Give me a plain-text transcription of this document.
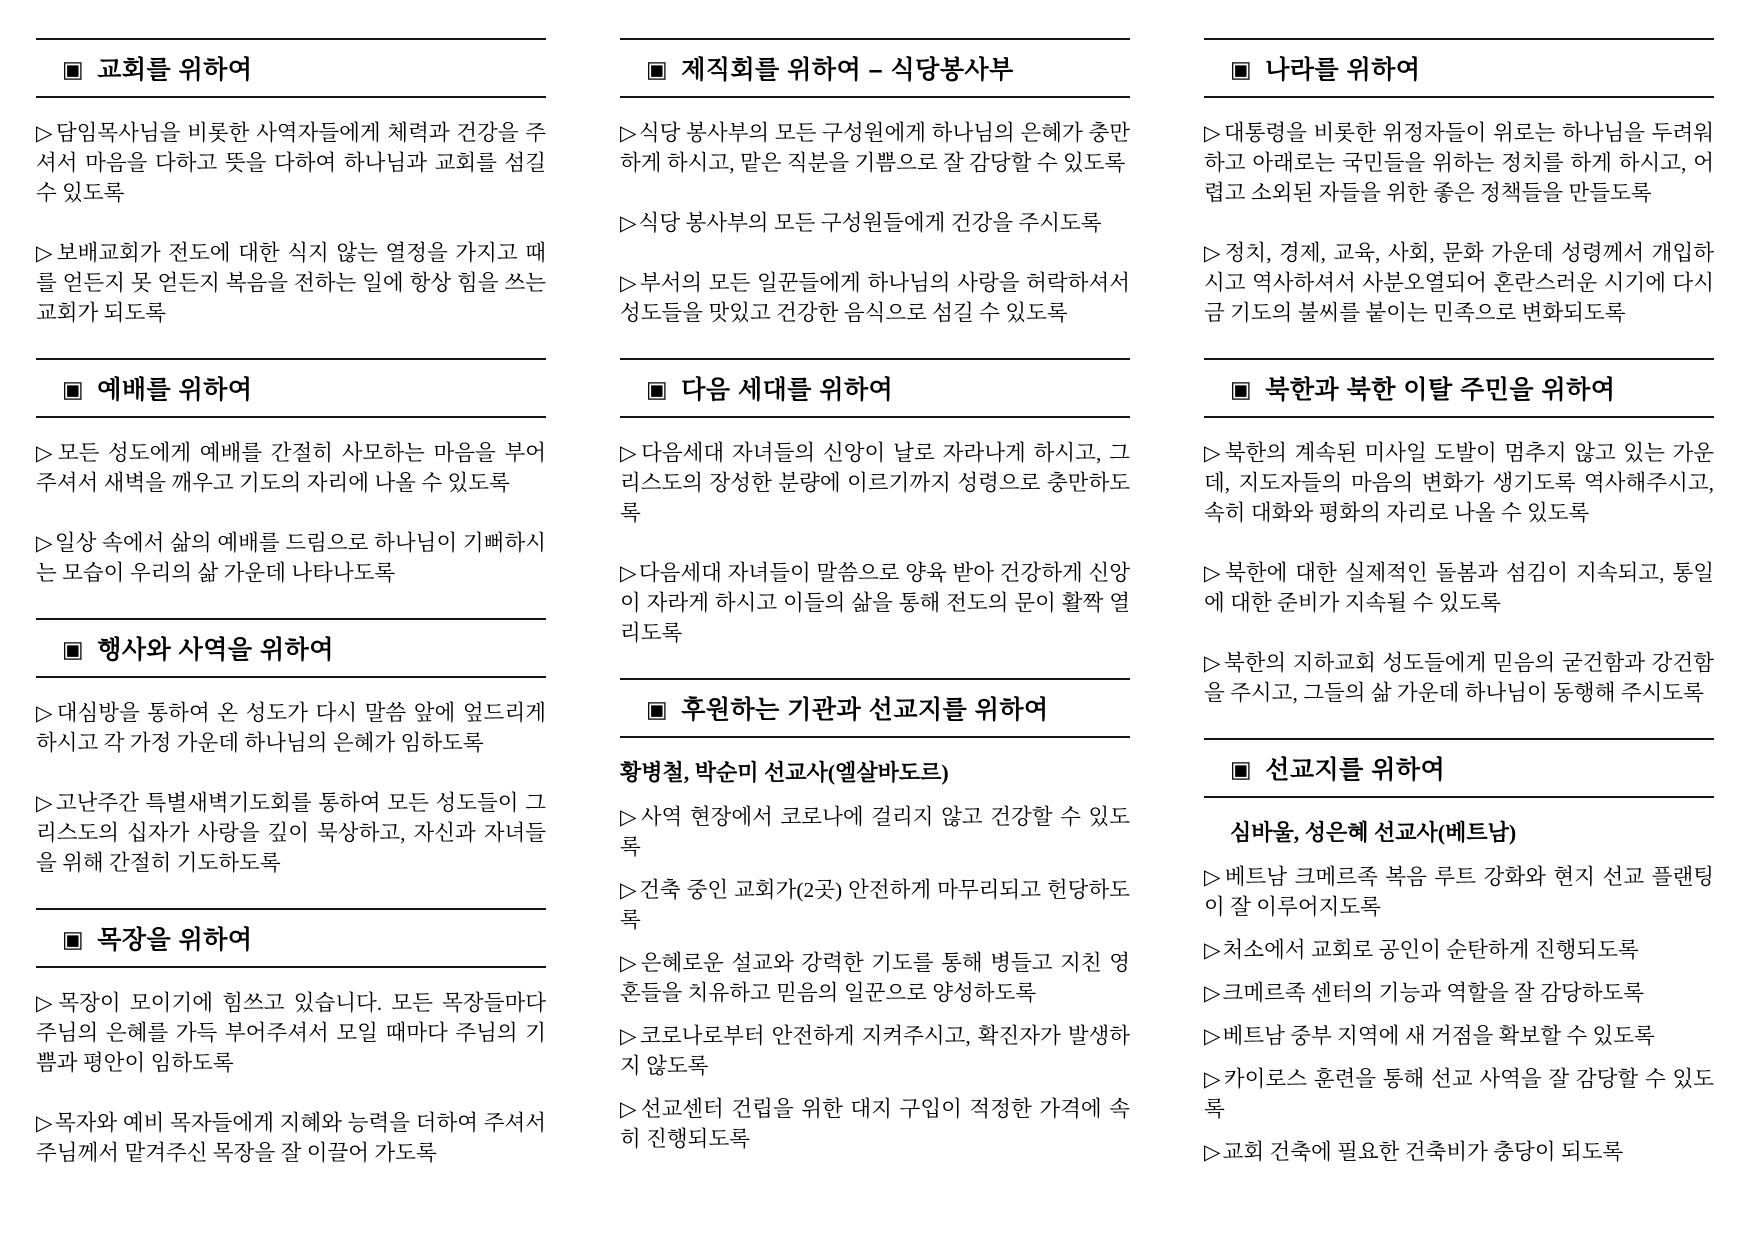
▣ 교회를 위하여

▷담임목사님을 비롯한 사역자들에게 체력과 건강을 주셔서 마음을 다하고 뜻을 다하여 하나님과 교회를 섬길 수 있도록

▷보배교회가 전도에 대한 식지 않는 열정을 가지고 때를 얻든지 못 얻든지 복음을 전하는 일에 항상 힘을 쓰는 교회가 되도록

▣ 예배를 위하여

▷모든 성도에게 예배를 간절히 사모하는 마음을 부어 주셔서 새벽을 깨우고 기도의 자리에 나올 수 있도록

▷일상 속에서 삶의 예배를 드림으로 하나님이 기뻐하시는 모습이 우리의 삶 가운데 나타나도록

▣ 행사와 사역을 위하여

▷대심방을 통하여 온 성도가 다시 말씀 앞에 엎드리게 하시고 각 가정 가운데 하나님의 은혜가 임하도록

▷고난주간 특별새벽기도회를 통하여 모든 성도들이 그리스도의 십자가 사랑을 깊이 묵상하고, 자신과 자녀들을 위해 간절히 기도하도록

▣ 목장을 위하여

▷목장이 모이기에 힘쓰고 있습니다. 모든 목장들마다 주님의 은혜를 가득 부어주셔서 모일 때마다 주님의 기쁨과 평안이 임하도록

▷목자와 예비 목자들에게 지혜와 능력을 더하여 주셔서 주님께서 맡겨주신 목장을 잘 이끌어 가도록

▣ 제직회를 위하여 – 식당봉사부

▷식당 봉사부의 모든 구성원에게 하나님의 은혜가 충만하게 하시고, 맡은 직분을 기쁨으로 잘 감당할 수 있도록

▷식당 봉사부의 모든 구성원들에게 건강을 주시도록

▷부서의 모든 일꾼들에게 하나님의 사랑을 허락하셔서 성도들을 맛있고 건강한 음식으로 섬길 수 있도록

▣ 다음 세대를 위하여

▷다음세대 자녀들의 신앙이 날로 자라나게 하시고, 그리스도의 장성한 분량에 이르기까지 성령으로 충만하도록

▷다음세대 자녀들이 말씀으로 양육 받아 건강하게 신앙이 자라게 하시고 이들의 삶을 통해 전도의 문이 활짝 열리도록

▣ 후원하는 기관과 선교지를 위하여

황병철, 박순미 선교사(엘살바도르)

▷사역 현장에서 코로나에 걸리지 않고 건강할 수 있도록

▷건축 중인 교회가(2곳) 안전하게 마무리되고 헌당하도록

▷은혜로운 설교와 강력한 기도를 통해 병들고 지친 영혼들을 치유하고 믿음의 일꾼으로 양성하도록

▷코로나로부터 안전하게 지켜주시고, 확진자가 발생하지 않도록

▷선교센터 건립을 위한 대지 구입이 적정한 가격에 속히 진행되도록

▣ 나라를 위하여

▷대통령을 비롯한 위정자들이 위로는 하나님을 두려워하고 아래로는 국민들을 위하는 정치를 하게 하시고, 어렵고 소외된 자들을 위한 좋은 정책들을 만들도록

▷정치, 경제, 교육, 사회, 문화 가운데 성령께서 개입하시고 역사하셔서 사분오열되어 혼란스러운 시기에 다시금 기도의 불씨를 붙이는 민족으로 변화되도록

▣ 북한과 북한 이탈 주민을 위하여

▷북한의 계속된 미사일 도발이 멈추지 않고 있는 가운데, 지도자들의 마음의 변화가 생기도록 역사해주시고, 속히 대화와 평화의 자리로 나올 수 있도록

▷북한에 대한 실제적인 돌봄과 섬김이 지속되고, 통일에 대한 준비가 지속될 수 있도록

▷북한의 지하교회 성도들에게 믿음의 굳건함과 강건함을 주시고, 그들의 삶 가운데 하나님이 동행해 주시도록

▣ 선교지를 위하여

심바울, 성은혜 선교사(베트남)

▷베트남 크메르족 복음 루트 강화와 현지 선교 플랜팅이 잘 이루어지도록

▷처소에서 교회로 공인이 순탄하게 진행되도록

▷크메르족 센터의 기능과 역할을 잘 감당하도록

▷베트남 중부 지역에 새 거점을 확보할 수 있도록

▷카이로스 훈련을 통해 선교 사역을 잘 감당할 수 있도록

▷교회 건축에 필요한 건축비가 충당이 되도록
